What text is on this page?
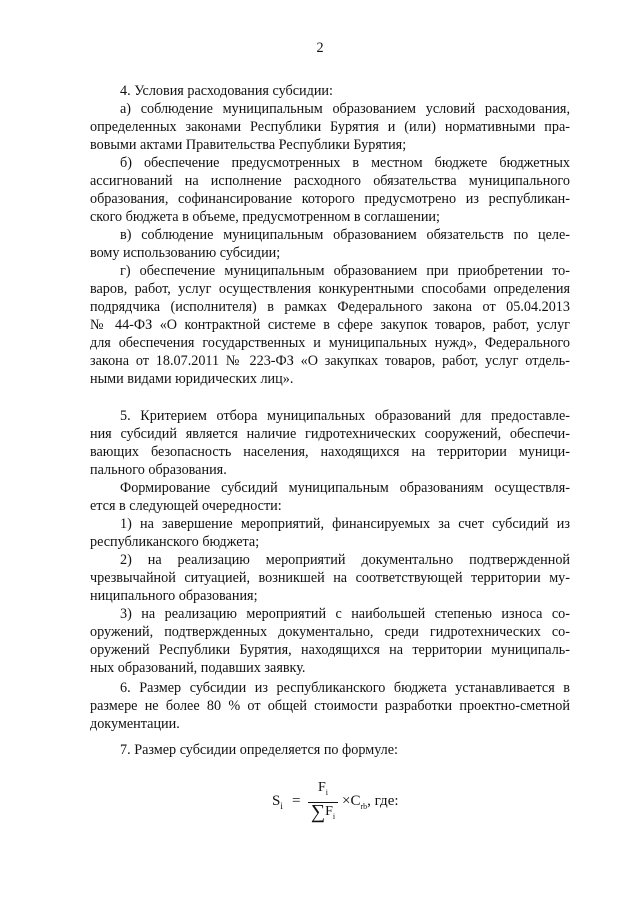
2
4. Условия расходования субсидии:
а) соблюдение муниципальным образованием условий расходования,
определенных законами Республики Бурятия и (или) нормативными пра-
вовыми актами Правительства Республики Бурятия;
б) обеспечение предусмотренных в местном бюджете бюджетных
ассигнований на исполнение расходного обязательства муниципального
образования, софинансирование которого предусмотрено из республикан-
ского бюджета в объеме, предусмотренном в соглашении;
в) соблюдение муниципальным образованием обязательств по целе-
вому использованию субсидии;
г) обеспечение муниципальным образованием при приобретении то-
варов, работ, услуг осуществления конкурентными способами определения
подрядчика (исполнителя) в рамках Федерального закона от 05.04.2013
№ 44-ФЗ «О контрактной системе в сфере закупок товаров, работ, услуг
для обеспечения государственных и муниципальных нужд», Федерального
закона от 18.07.2011 № 223-ФЗ «О закупках товаров, работ, услуг отдель-
ными видами юридических лиц».
5. Критерием отбора муниципальных образований для предоставле-
ния субсидий является наличие гидротехнических сооружений, обеспечи-
вающих безопасность населения, находящихся на территории муници-
пального образования.
Формирование субсидий муниципальным образованиям осуществля-
ется в следующей очередности:
1) на завершение мероприятий, финансируемых за счет субсидий из
республиканского бюджета;
2) на реализацию мероприятий документально подтвержденной
чрезвычайной ситуацией, возникшей на соответствующей территории му-
ниципального образования;
3) на реализацию мероприятий с наибольшей степенью износа со-
оружений, подтвержденных документально, среди гидротехнических со-
оружений Республики Бурятия, находящихся на территории муниципаль-
ных образований, подавших заявку.
6. Размер субсидии из республиканского бюджета устанавливается в
размере не более 80 % от общей стоимости разработки проектно-сметной
документации.
7. Размер субсидии определяется по формуле:
$S_i$ =
$F_i$
$\sum F_i$
$\times C_{rb}$, где:
